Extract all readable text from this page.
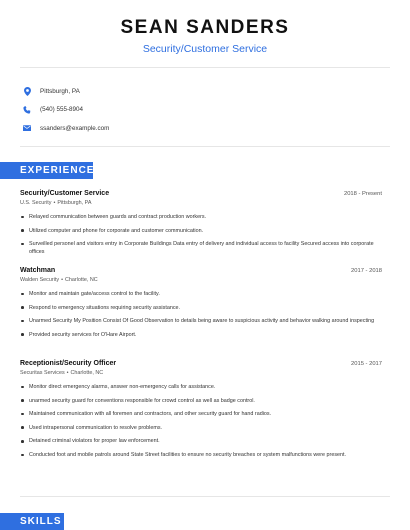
SEAN SANDERS
Security/Customer Service
Pittsburgh, PA
(540) 555-8904
ssanders@example.com
EXPERIENCE
Security/Customer Service	2018 - Present
U.S. Security • Pittsburgh, PA
Relayed communication between guards and contract production workers.
Utilized computer and phone for corporate and customer communication.
Surveilled personel and visitors entry in Corporate Buildings Data entry of delivery and individual access to facility Secured access into corporate offices
Watchman	2017 - 2018
Walden Security • Charlotte, NC
Monitor and maintain gate/access control to the facility.
Respond to emergency situations requiring security assistance.
Unarmed Security My Position Consist Of Good Observation to details being aware to suspicious activity and behavior walking around inspecting
Provided security services for O'Hare Airport.
Receptionist/Security Officer	2015 - 2017
Securitas Services • Charlotte, NC
Monitor direct emergency alarms, answer non-emergency calls for assistance.
unarmed security guard for conventions responsible for crowd control as well as badge control.
Maintained communication with all foremen and contractors, and other security guard for hand radios.
Used intrapersonal communication to resolve problems.
Detained criminal violators for proper law enforcement.
Conducted foot and mobile patrols around State Street facilities to ensure no security breaches or system malfunctions were present.
SKILLS
